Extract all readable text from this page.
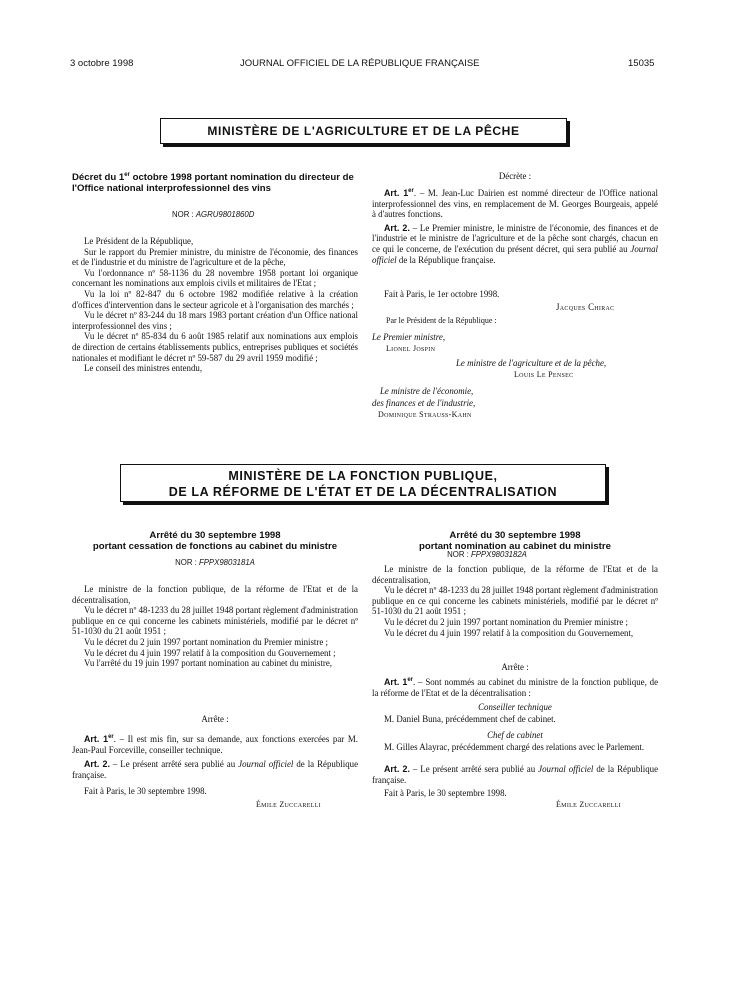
3 octobre 1998	JOURNAL OFFICIEL DE LA RÉPUBLIQUE FRANÇAISE	15035
MINISTÈRE DE L'AGRICULTURE ET DE LA PÊCHE
Décret du 1er octobre 1998 portant nomination du directeur de l'Office national interprofessionnel des vins
NOR : AGRU9801860D
Le Président de la République,
Sur le rapport du Premier ministre, du ministre de l'économie, des finances et de l'industrie et du ministre de l'agriculture et de la pêche,
Vu l'ordonnance nº 58-1136 du 28 novembre 1958 portant loi organique concernant les nominations aux emplois civils et militaires de l'Etat ;
Vu la loi nº 82-847 du 6 octobre 1982 modifiée relative à la création d'offices d'intervention dans le secteur agricole et à l'organisation des marchés ;
Vu le décret nº 83-244 du 18 mars 1983 portant création d'un Office national interprofessionnel des vins ;
Vu le décret nº 85-834 du 6 août 1985 relatif aux nominations aux emplois de direction de certains établissements publics, entreprises publiques et sociétés nationales et modifiant le décret nº 59-587 du 29 avril 1959 modifié ;
Le conseil des ministres entendu,
Décrète :
Art. 1er. – M. Jean-Luc Dairien est nommé directeur de l'Office national interprofessionnel des vins, en remplacement de M. Georges Bourgeais, appelé à d'autres fonctions.
Art. 2. – Le Premier ministre, le ministre de l'économie, des finances et de l'industrie et le ministre de l'agriculture et de la pêche sont chargés, chacun en ce qui le concerne, de l'exécution du présent décret, qui sera publié au Journal officiel de la République française.
Fait à Paris, le 1er octobre 1998.
Jacques Chirac
Par le Président de la République :
Le Premier ministre,
Lionel Jospin
Le ministre de l'agriculture et de la pêche,
Louis Le Pensec
Le ministre de l'économie,
des finances et de l'industrie,
Dominique Strauss-Kahn
MINISTÈRE DE LA FONCTION PUBLIQUE,
DE LA RÉFORME DE L'ÉTAT ET DE LA DÉCENTRALISATION
Arrêté du 30 septembre 1998
portant cessation de fonctions au cabinet du ministre
NOR : FPPX9803181A
Le ministre de la fonction publique, de la réforme de l'Etat et de la décentralisation,
Vu le décret nº 48-1233 du 28 juillet 1948 portant règlement d'administration publique en ce qui concerne les cabinets ministériels, modifié par le décret nº 51-1030 du 21 août 1951 ;
Vu le décret du 2 juin 1997 portant nomination du Premier ministre ;
Vu le décret du 4 juin 1997 relatif à la composition du Gouvernement ;
Vu l'arrêté du 19 juin 1997 portant nomination au cabinet du ministre,
Arrête :
Art. 1er. – Il est mis fin, sur sa demande, aux fonctions exercées par M. Jean-Paul Forceville, conseiller technique.
Art. 2. – Le présent arrêté sera publié au Journal officiel de la République française.
Fait à Paris, le 30 septembre 1998.
Émile Zuccarelli
Arrêté du 30 septembre 1998
portant nomination au cabinet du ministre
NOR : FPPX9803182A
Le ministre de la fonction publique, de la réforme de l'Etat et de la décentralisation,
Vu le décret nº 48-1233 du 28 juillet 1948 portant règlement d'administration publique en ce qui concerne les cabinets ministériels, modifié par le décret nº 51-1030 du 21 août 1951 ;
Vu le décret du 2 juin 1997 portant nomination du Premier ministre ;
Vu le décret du 4 juin 1997 relatif à la composition du Gouvernement,
Arrête :
Art. 1er. – Sont nommés au cabinet du ministre de la fonction publique, de la réforme de l'Etat et de la décentralisation :
Conseiller technique
M. Daniel Buna, précédemment chef de cabinet.
Chef de cabinet
M. Gilles Alayrac, précédemment chargé des relations avec le Parlement.
Art. 2. – Le présent arrêté sera publié au Journal officiel de la République française.
Fait à Paris, le 30 septembre 1998.
Émile Zuccarelli
